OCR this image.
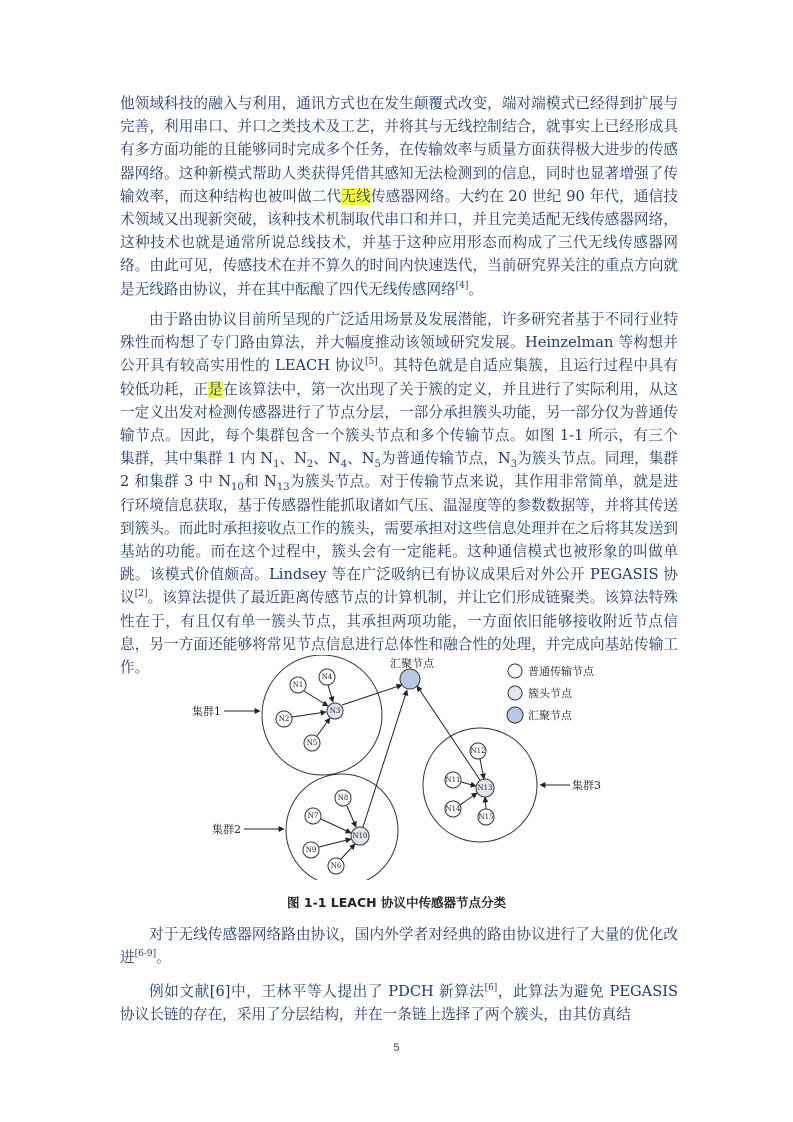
他领域科技的融入与利用，通讯方式也在发生颠覆式改变，端对端模式已经得到扩展与完善，利用串口、并口之类技术及工艺，并将其与无线控制结合，就事实上已经形成具有多方面功能的且能够同时完成多个任务，在传输效率与质量方面获得极大进步的传感器网络。这种新模式帮助人类获得凭借其感知无法检测到的信息，同时也显著增强了传输效率，而这种结构也被叫做二代无线传感器网络。大约在 20 世纪 90 年代，通信技术领域又出现新突破，该种技术机制取代串口和并口，并且完美适配无线传感器网络，这种技术也就是通常所说总线技术，并基于这种应用形态而构成了三代无线传感器网络。由此可见，传感技术在并不算久的时间内快速迭代，当前研究界关注的重点方向就是无线路由协议，并在其中酝酿了四代无线传感网络[4]。

由于路由协议目前所呈现的广泛适用场景及发展潜能，许多研究者基于不同行业特殊性而构想了专门路由算法，并大幅度推动该领域研究发展。Heinzelman 等构想并公开具有较高实用性的 LEACH 协议[5]。其特色就是自适应集簇，且运行过程中具有较低功耗，正是在该算法中，第一次出现了关于簇的定义，并且进行了实际利用，从这一定义出发对检测传感器进行了节点分层，一部分承担簇头功能，另一部分仅为普通传输节点。因此，每个集群包含一个簇头节点和多个传输节点。如图 1-1 所示，有三个集群，其中集群 1 内 $N_1$、$N_2$、$N_4$、$N_5$为普通传输节点，$N_3$为簇头节点。同理，集群 2 和集群 3 中 $N_{10}$和 $N_{13}$为簇头节点。对于传输节点来说，其作用非常简单，就是进行环境信息获取，基于传感器性能抓取诸如气压、温湿度等的参数数据等，并将其传送到簇头。而此时承担接收点工作的簇头，需要承担对这些信息处理并在之后将其发送到基站的功能。而在这个过程中，簇头会有一定能耗。这种通信模式也被形象的叫做单跳。该模式价值颇高。Lindsey 等在广泛吸纳已有协议成果后对外公开 PEGASIS 协议[2]。该算法提供了最近距离传感节点的计算机制，并让它们形成链聚类。该算法特殊性在于，有且仅有单一簇头节点，其承担两项功能，一方面依旧能够接收附近节点信息，另一方面还能够将常见节点信息进行总体性和融合性的处理，并完成向基站传输工作。	汇聚节点
N1
N4
N2
N3
N5
N8
N7
N10
N9
N6
N12
N11
N13
N14
N15
集群1
集群2
集群3
普通传输节点
簇头节点
汇聚节点
图 1-1 LEACH 协议中传感器节点分类

对于无线传感器网络路由协议，国内外学者对经典的路由协议进行了大量的优化改进[6-9]。

例如文献[6]中，王林平等人提出了 PDCH 新算法[6]，此算法为避免 PEGASIS 协议长链的存在，采用了分层结构，并在一条链上选择了两个簇头，由其仿真结

5
